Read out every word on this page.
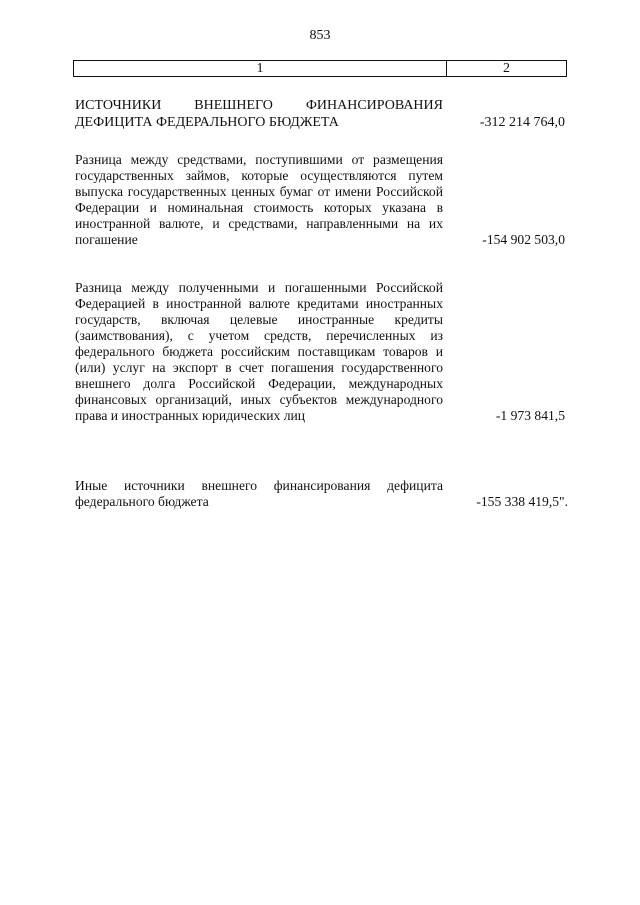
853
1	2
ИСТОЧНИКИ ВНЕШНЕГО ФИНАНСИРОВАНИЯ ДЕФИЦИТА ФЕДЕРАЛЬНОГО БЮДЖЕТА	-312 214 764,0
Разница между средствами, поступившими от размещения государственных займов, которые осуществляются путем выпуска государственных ценных бумаг от имени Российской Федерации и номинальная стоимость которых указана в иностранной валюте, и средствами, направленными на их погашение	-154 902 503,0
Разница между полученными и погашенными Российской Федерацией в иностранной валюте кредитами иностранных государств, включая целевые иностранные кредиты (заимствования), с учетом средств, перечисленных из федерального бюджета российским поставщикам товаров и (или) услуг на экспорт в счет погашения государственного внешнего долга Российской Федерации, международных финансовых организаций, иных субъектов международного права и иностранных юридических лиц	-1 973 841,5
Иные источники внешнего финансирования дефицита федерального бюджета	-155 338 419,5".
